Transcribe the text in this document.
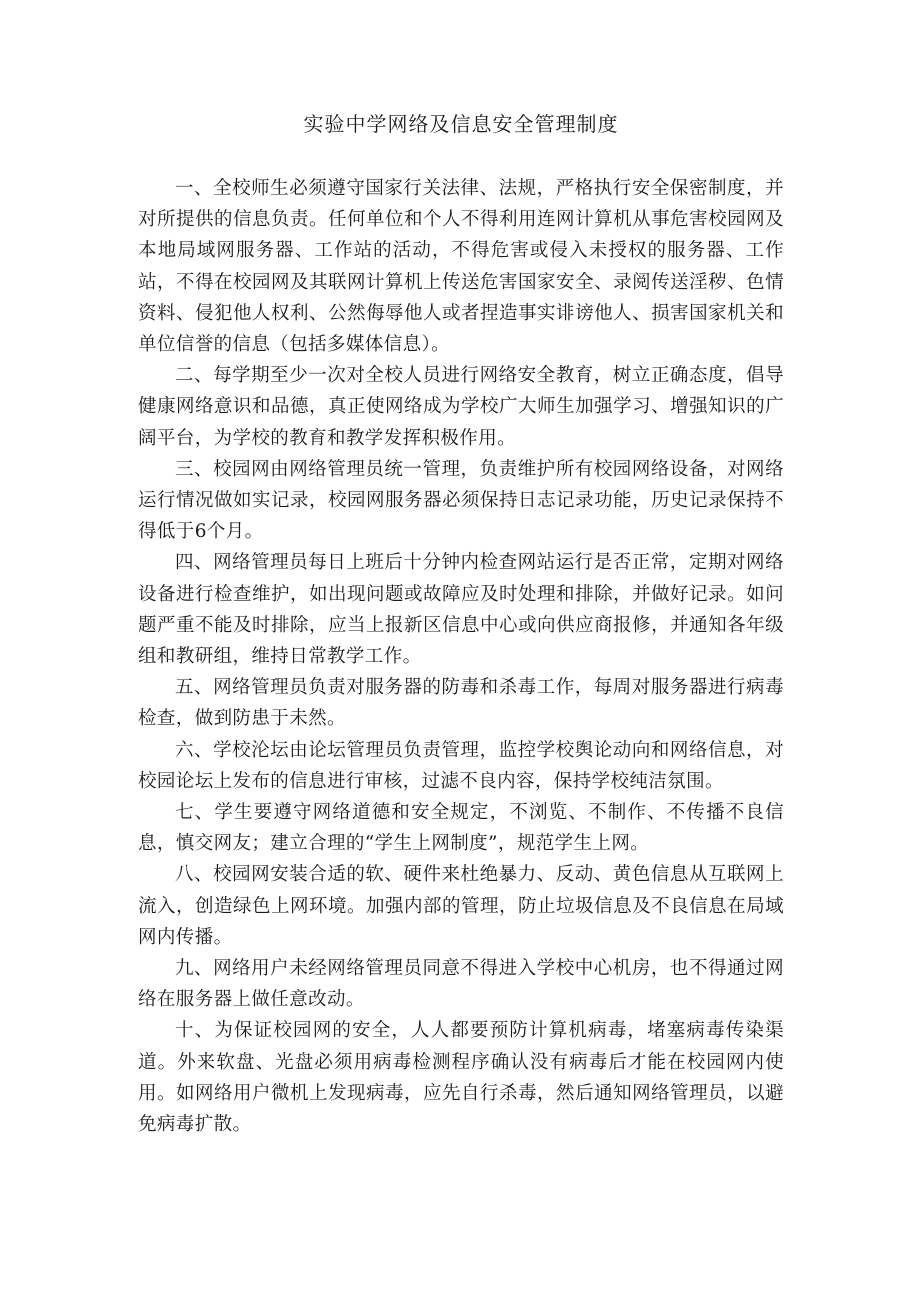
实验中学网络及信息安全管理制度

一、全校师生必须遵守国家行关法律、法规，严格执行安全保密制度，并对所提供的信息负责。任何单位和个人不得利用连网计算机从事危害校园网及本地局域网服务器、工作站的活动，不得危害或侵入未授权的服务器、工作站，不得在校园网及其联网计算机上传送危害国家安全、录阅传送淫秽、色情资料、侵犯他人权利、公然侮辱他人或者捏造事实诽谤他人、损害国家机关和单位信誉的信息（包括多媒体信息）。

二、每学期至少一次对全校人员进行网络安全教育，树立正确态度，倡导健康网络意识和品德，真正使网络成为学校广大师生加强学习、增强知识的广阔平台，为学校的教育和教学发挥积极作用。

三、校园网由网络管理员统一管理，负责维护所有校园网络设备，对网络运行情况做如实记录，校园网服务器必须保持日志记录功能，历史记录保持不得低于6个月。

四、网络管理员每日上班后十分钟内检查网站运行是否正常，定期对网络设备进行检查维护，如出现问题或故障应及时处理和排除，并做好记录。如问题严重不能及时排除，应当上报新区信息中心或向供应商报修，并通知各年级组和教研组，维持日常教学工作。

五、网络管理员负责对服务器的防毒和杀毒工作，每周对服务器进行病毒检查，做到防患于未然。

六、学校沦坛由论坛管理员负责管理，监控学校舆论动向和网络信息，对校园论坛上发布的信息进行审核，过滤不良内容，保持学校纯洁氛围。

七、学生要遵守网络道德和安全规定，不浏览、不制作、不传播不良信息，慎交网友；建立合理的“学生上网制度”，规范学生上网。

八、校园网安装合适的软、硬件来杜绝暴力、反动、黄色信息从互联网上流入，创造绿色上网环境。加强内部的管理，防止垃圾信息及不良信息在局域网内传播。

九、网络用户未经网络管理员同意不得进入学校中心机房，也不得通过网络在服务器上做任意改动。

十、为保证校园网的安全，人人都要预防计算机病毒，堵塞病毒传染渠道。外来软盘、光盘必须用病毒检测程序确认没有病毒后才能在校园网内使用。如网络用户微机上发现病毒，应先自行杀毒，然后通知网络管理员，以避免病毒扩散。
